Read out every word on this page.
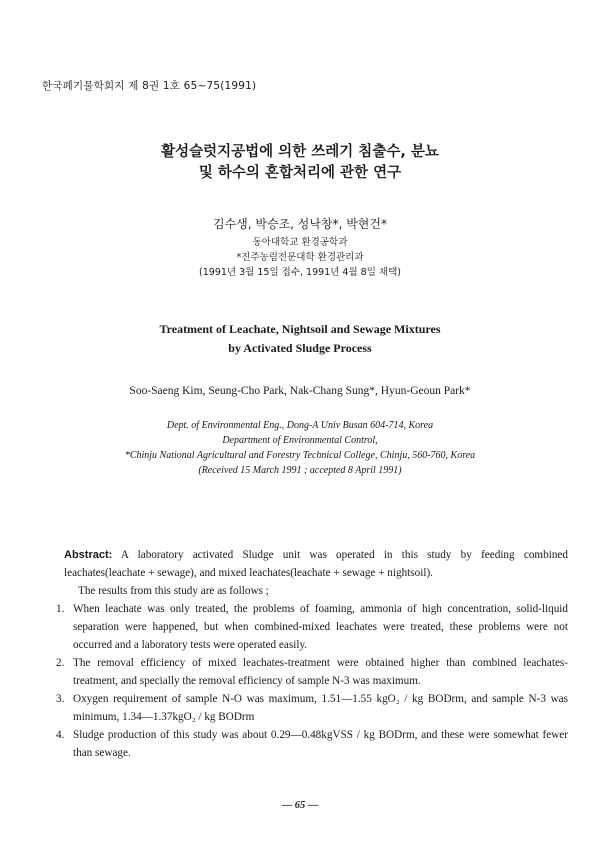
한국폐기물학회지 제 8권 1호 65~75(1991)
활성슬럿지공법에 의한 쓰레기 침출수, 분뇨
및 하수의 혼합처리에 관한 연구
김수생, 박승조, 성낙창*, 박현건*
동아대학교 환경공학과
*진주농림전문대학 환경관리과
(1991년 3월 15일 접수, 1991년 4월 8일 채택)
Treatment of Leachate, Nightsoil and Sewage Mixtures
by Activated Sludge Process
Soo-Saeng Kim, Seung-Cho Park, Nak-Chang Sung*, Hyun-Geoun Park*
Dept. of Environmental Eng., Dong-A Univ Busan 604-714, Korea
Department of Environmental Control,
*Chinju National Agricultural and Forestry Technical College, Chinju, 560-760, Korea
(Received 15 March 1991 ; accepted 8 April 1991)

Abstract: A laboratory activated Sludge unit was operated in this study by feeding combined leachates(leachate + sewage), and mixed leachates(leachate + sewage + nightsoil).

The results from this study are as follows ;

1. When leachate was only treated, the problems of foaming, ammonia of high concentration, solid-liquid separation were happened, but when combined-mixed leachates were treated, these problems were not occurred and a laboratory tests were operated easily.
2. The removal efficiency of mixed leachates-treatment were obtained higher than combined leachates-treatment, and specially the removal efficiency of sample N-3 was maximum.
3. Oxygen requirement of sample N-O was maximum, 1.51—1.55 kgO₂ / kg BODrm, and sample N-3 was minimum, 1.34—1.37kgO₂ / kg BODrm
4. Sludge production of this study was about 0.29—0.48kgVSS / kg BODrm, and these were somewhat fewer than sewage.
— 65 —
